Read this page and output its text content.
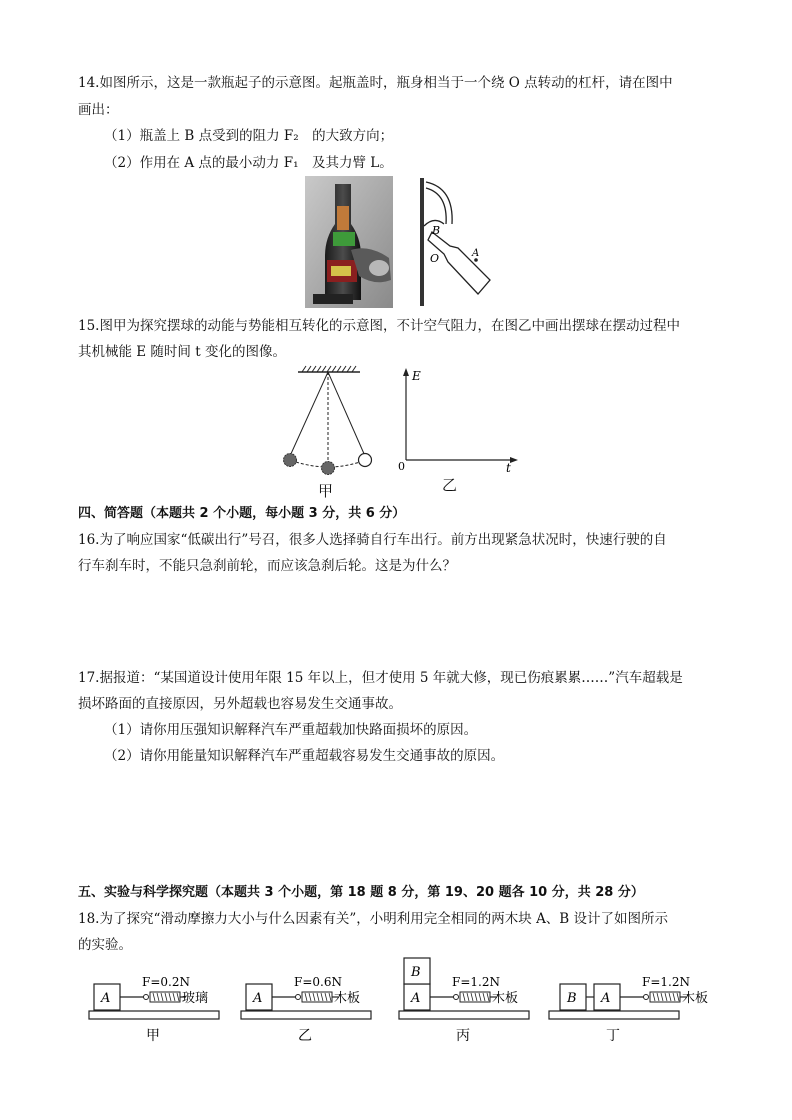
14.如图所示，这是一款瓶起子的示意图。起瓶盖时，瓶身相当于一个绕 O 点转动的杠杆，请在图中
画出：
（1）瓶盖上 B 点受到的阻力 F₂　的大致方向；
（2）作用在 A 点的最小动力 F₁　及其力臂 L。
B
O	A
15.图甲为探究摆球的动能与势能相互转化的示意图，不计空气阻力，在图乙中画出摆球在摆动过程中
其机械能 E 随时间 t 变化的图像。
甲
E
t
0
乙
四、简答题（本题共 2 个小题，每小题 3 分，共 6 分）
16.为了响应国家“低碳出行”号召，很多人选择骑自行车出行。前方出现紧急状况时，快速行驶的自
行车刹车时，不能只急刹前轮，而应该急刹后轮。这是为什么？
17.据报道：“某国道设计使用年限 15 年以上，但才使用 5 年就大修，现已伤痕累累……”汽车超载是
损坏路面的直接原因，另外超载也容易发生交通事故。
（1）请你用压强知识解释汽车严重超载加快路面损坏的原因。
（2）请你用能量知识解释汽车严重超载容易发生交通事故的原因。
五、实验与科学探究题（本题共 3 个小题，第 18 题 8 分，第 19、20 题各 10 分，共 28 分）
18.为了探究“滑动摩擦力大小与什么因素有关”，小明利用完全相同的两木块 A、B 设计了如图所示
的实验。
A
F=0.2N
玻璃
甲
A
F=0.6N
木板
乙
A
B
F=1.2N
木板
丙
B A
F=1.2N
木板
丁
